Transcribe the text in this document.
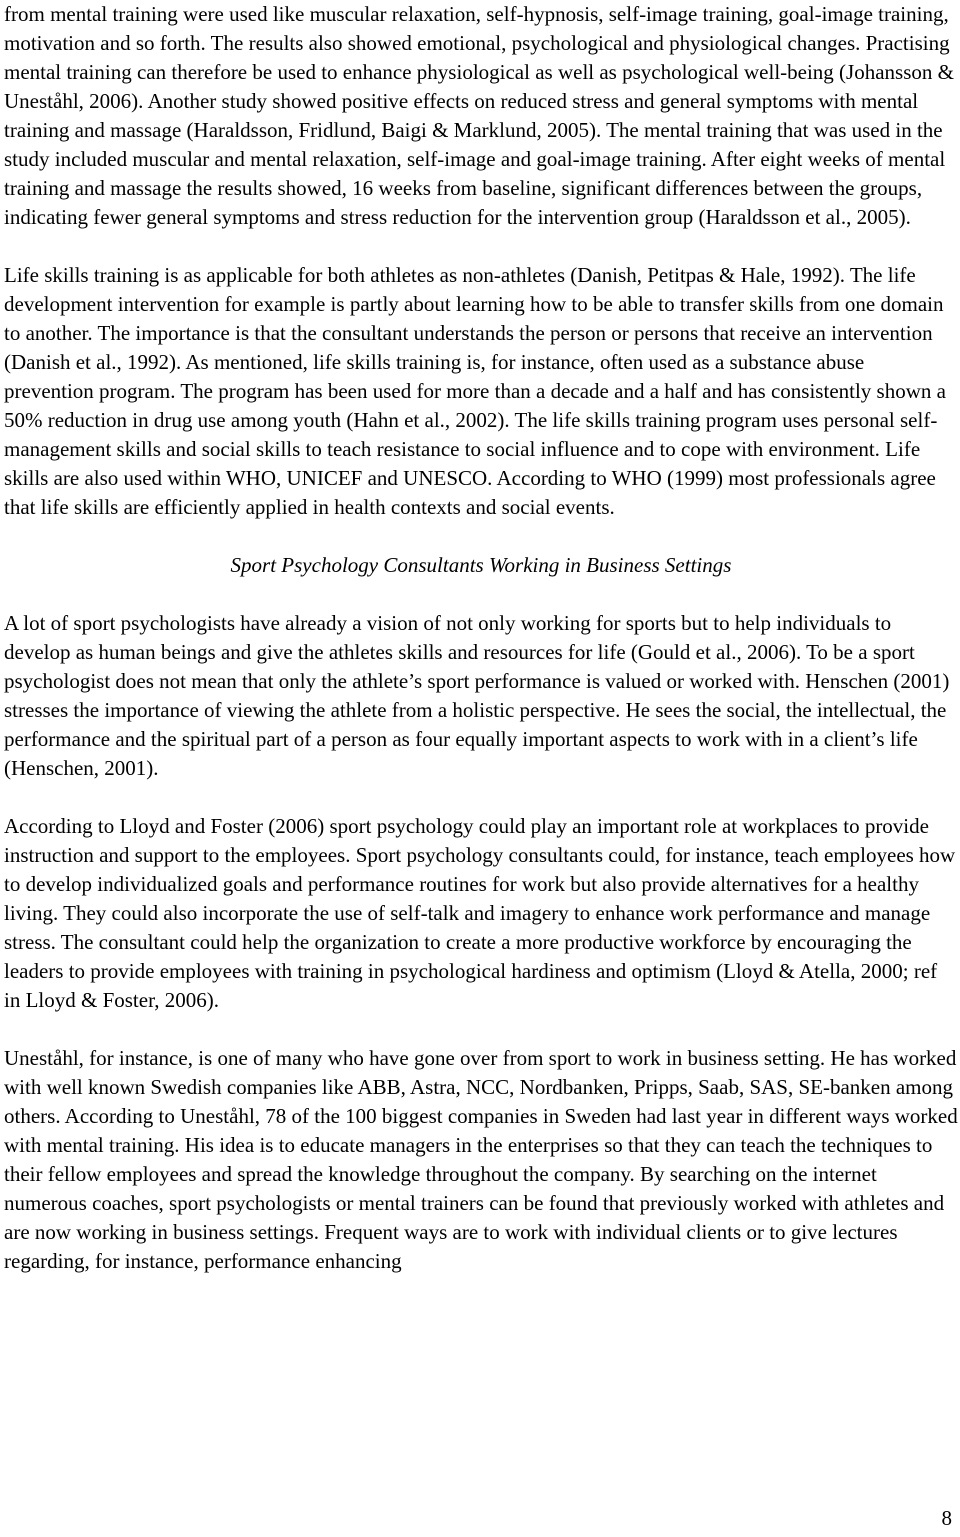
from mental training were used like muscular relaxation, self-hypnosis, self-image training, goal-image training, motivation and so forth. The results also showed emotional, psychological and physiological changes. Practising mental training can therefore be used to enhance physiological as well as psychological well-being (Johansson & Uneståhl, 2006). Another study showed positive effects on reduced stress and general symptoms with mental training and massage (Haraldsson, Fridlund, Baigi & Marklund, 2005). The mental training that was used in the study included muscular and mental relaxation, self-image and goal-image training. After eight weeks of mental training and massage the results showed, 16 weeks from baseline, significant differences between the groups, indicating fewer general symptoms and stress reduction for the intervention group (Haraldsson et al., 2005).

Life skills training is as applicable for both athletes as non-athletes (Danish, Petitpas & Hale, 1992). The life development intervention for example is partly about learning how to be able to transfer skills from one domain to another. The importance is that the consultant understands the person or persons that receive an intervention (Danish et al., 1992). As mentioned, life skills training is, for instance, often used as a substance abuse prevention program. The program has been used for more than a decade and a half and has consistently shown a 50% reduction in drug use among youth (Hahn et al., 2002). The life skills training program uses personal self-management skills and social skills to teach resistance to social influence and to cope with environment. Life skills are also used within WHO, UNICEF and UNESCO. According to WHO (1999) most professionals agree that life skills are efficiently applied in health contexts and social events.

Sport Psychology Consultants Working in Business Settings

A lot of sport psychologists have already a vision of not only working for sports but to help individuals to develop as human beings and give the athletes skills and resources for life (Gould et al., 2006). To be a sport psychologist does not mean that only the athlete’s sport performance is valued or worked with. Henschen (2001) stresses the importance of viewing the athlete from a holistic perspective. He sees the social, the intellectual, the performance and the spiritual part of a person as four equally important aspects to work with in a client’s life (Henschen, 2001).

According to Lloyd and Foster (2006) sport psychology could play an important role at workplaces to provide instruction and support to the employees. Sport psychology consultants could, for instance, teach employees how to develop individualized goals and performance routines for work but also provide alternatives for a healthy living. They could also incorporate the use of self-talk and imagery to enhance work performance and manage stress. The consultant could help the organization to create a more productive workforce by encouraging the leaders to provide employees with training in psychological hardiness and optimism (Lloyd & Atella, 2000; ref in Lloyd & Foster, 2006).

Uneståhl, for instance, is one of many who have gone over from sport to work in business setting. He has worked with well known Swedish companies like ABB, Astra, NCC, Nordbanken, Pripps, Saab, SAS, SE-banken among others. According to Uneståhl, 78 of the 100 biggest companies in Sweden had last year in different ways worked with mental training. His idea is to educate managers in the enterprises so that they can teach the techniques to their fellow employees and spread the knowledge throughout the company. By searching on the internet numerous coaches, sport psychologists or mental trainers can be found that previously worked with athletes and are now working in business settings. Frequent ways are to work with individual clients or to give lectures regarding, for instance, performance enhancing

8
